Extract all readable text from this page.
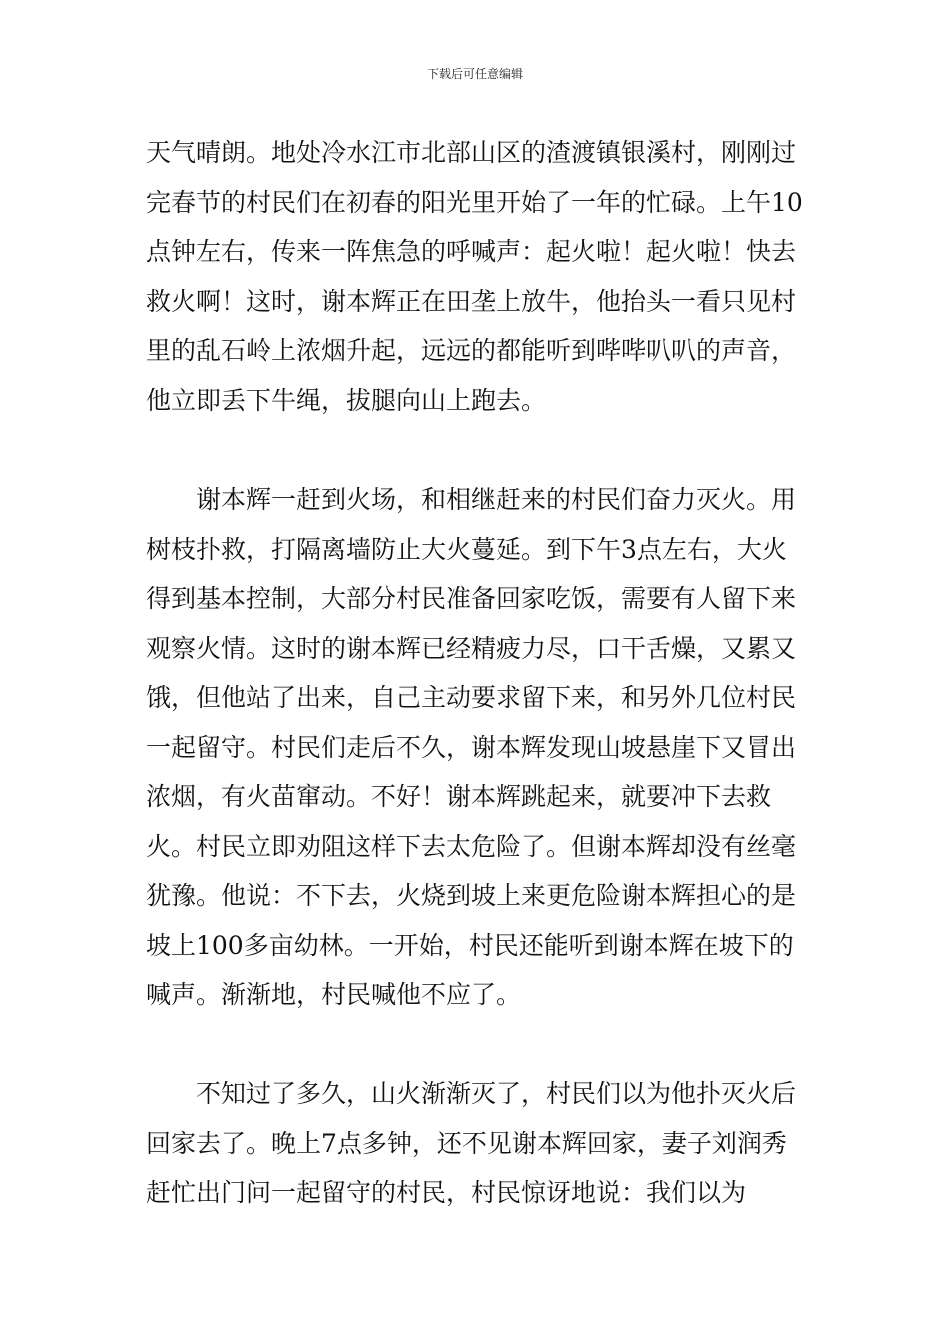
下载后可任意编辑

天气晴朗。地处冷水江市北部山区的渣渡镇银溪村，刚刚过完春节的村民们在初春的阳光里开始了一年的忙碌。上午10点钟左右，传来一阵焦急的呼喊声：起火啦！起火啦！快去救火啊！这时，谢本辉正在田垄上放牛，他抬头一看只见村里的乱石岭上浓烟升起，远远的都能听到哔哔叭叭的声音，他立即丢下牛绳，拔腿向山上跑去。

谢本辉一赶到火场，和相继赶来的村民们奋力灭火。用树枝扑救，打隔离墙防止大火蔓延。到下午3点左右，大火得到基本控制，大部分村民准备回家吃饭，需要有人留下来观察火情。这时的谢本辉已经精疲力尽，口干舌燥，又累又饿，但他站了出来，自己主动要求留下来，和另外几位村民一起留守。村民们走后不久，谢本辉发现山坡悬崖下又冒出浓烟，有火苗窜动。不好！谢本辉跳起来，就要冲下去救火。村民立即劝阻这样下去太危险了。但谢本辉却没有丝毫犹豫。他说：不下去，火烧到坡上来更危险谢本辉担心的是坡上100多亩幼林。一开始，村民还能听到谢本辉在坡下的喊声。渐渐地，村民喊他不应了。

不知过了多久，山火渐渐灭了，村民们以为他扑灭火后回家去了。晚上7点多钟，还不见谢本辉回家，妻子刘润秀赶忙出门问一起留守的村民，村民惊讶地说：我们以为
